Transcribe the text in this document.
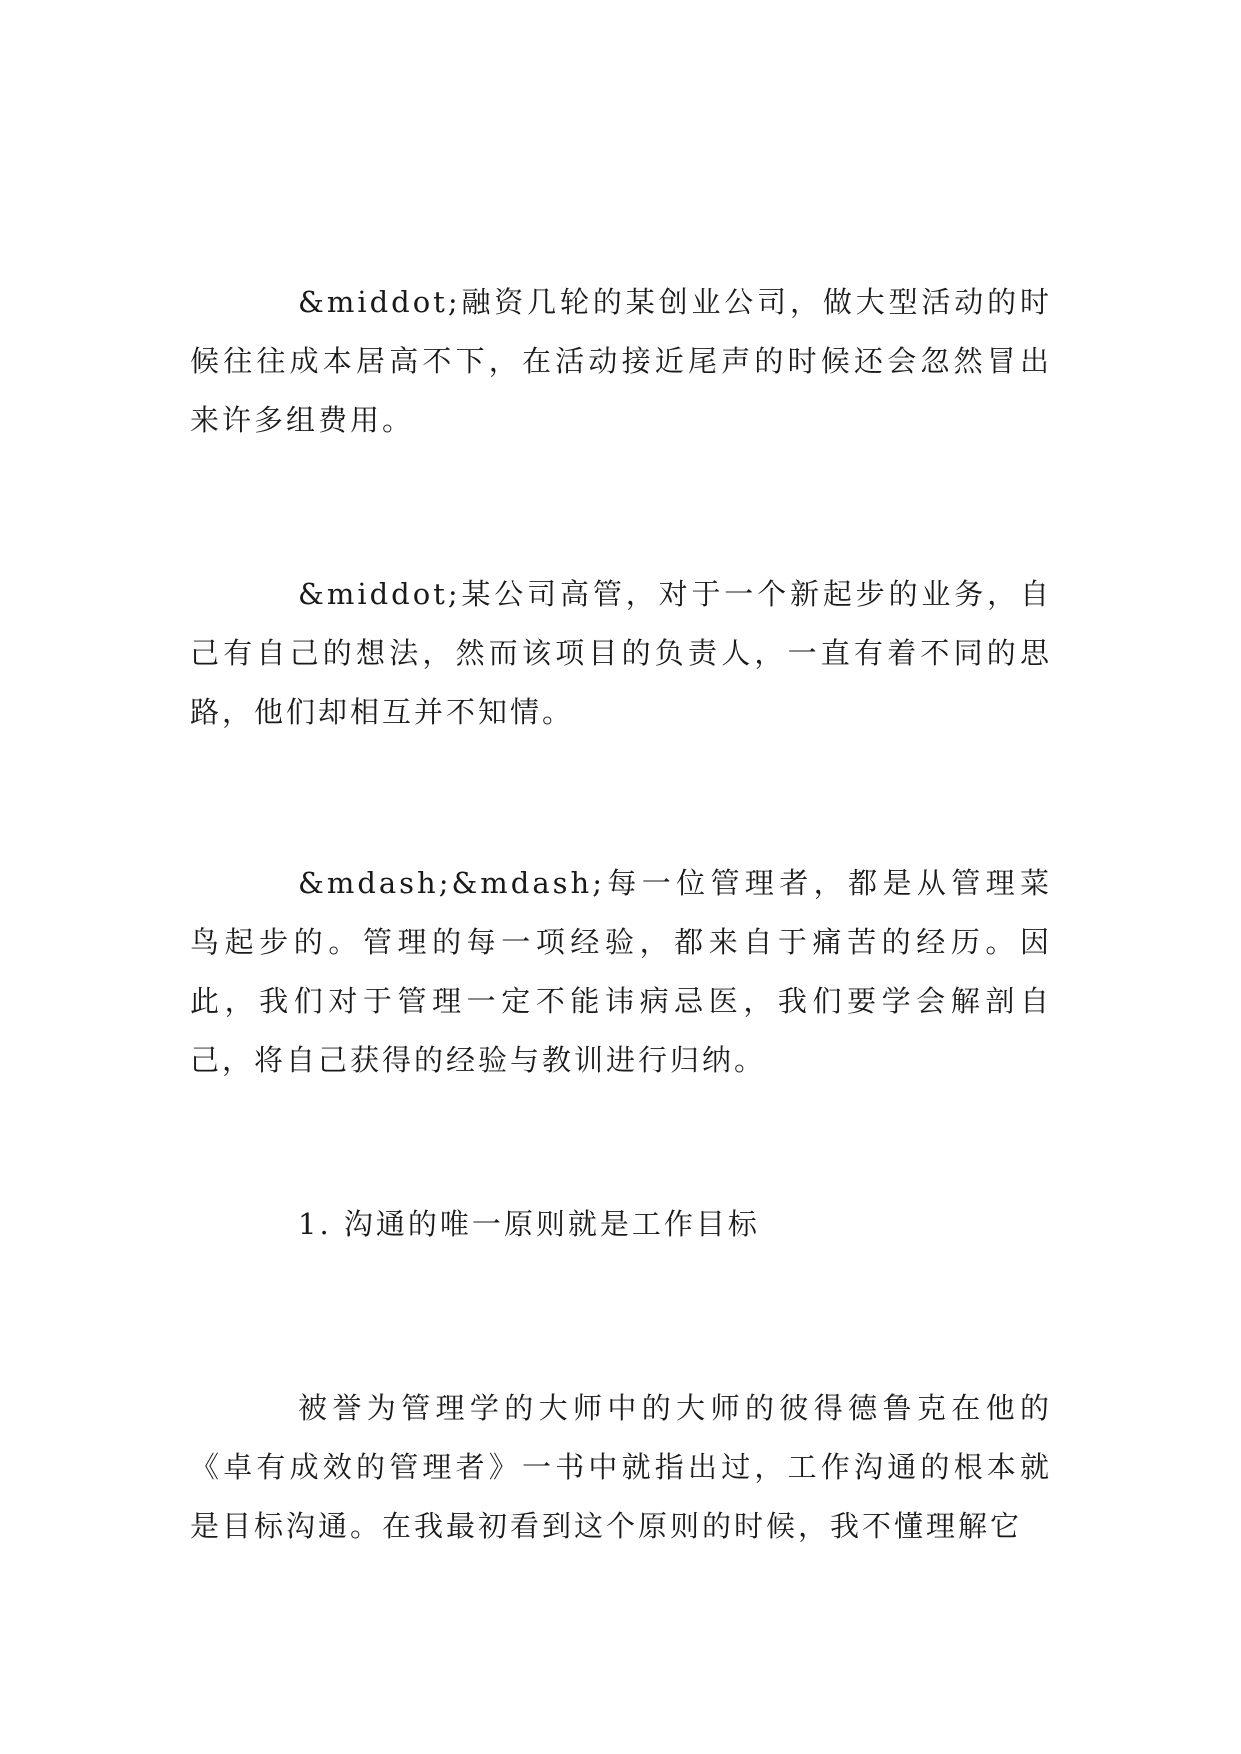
&middot;融资几轮的某创业公司，做大型活动的时候往往成本居高不下，在活动接近尾声的时候还会忽然冒出来许多组费用。

&middot;某公司高管，对于一个新起步的业务，自己有自己的想法，然而该项目的负责人，一直有着不同的思路，他们却相互并不知情。

&mdash;&mdash;每一位管理者，都是从管理菜鸟起步的。管理的每一项经验，都来自于痛苦的经历。因此，我们对于管理一定不能讳病忌医，我们要学会解剖自己，将自己获得的经验与教训进行归纳。

1. 沟通的唯一原则就是工作目标

被誉为管理学的大师中的大师的彼得德鲁克在他的《卓有成效的管理者》一书中就指出过，工作沟通的根本就是目标沟通。在我最初看到这个原则的时候，我不懂理解它
